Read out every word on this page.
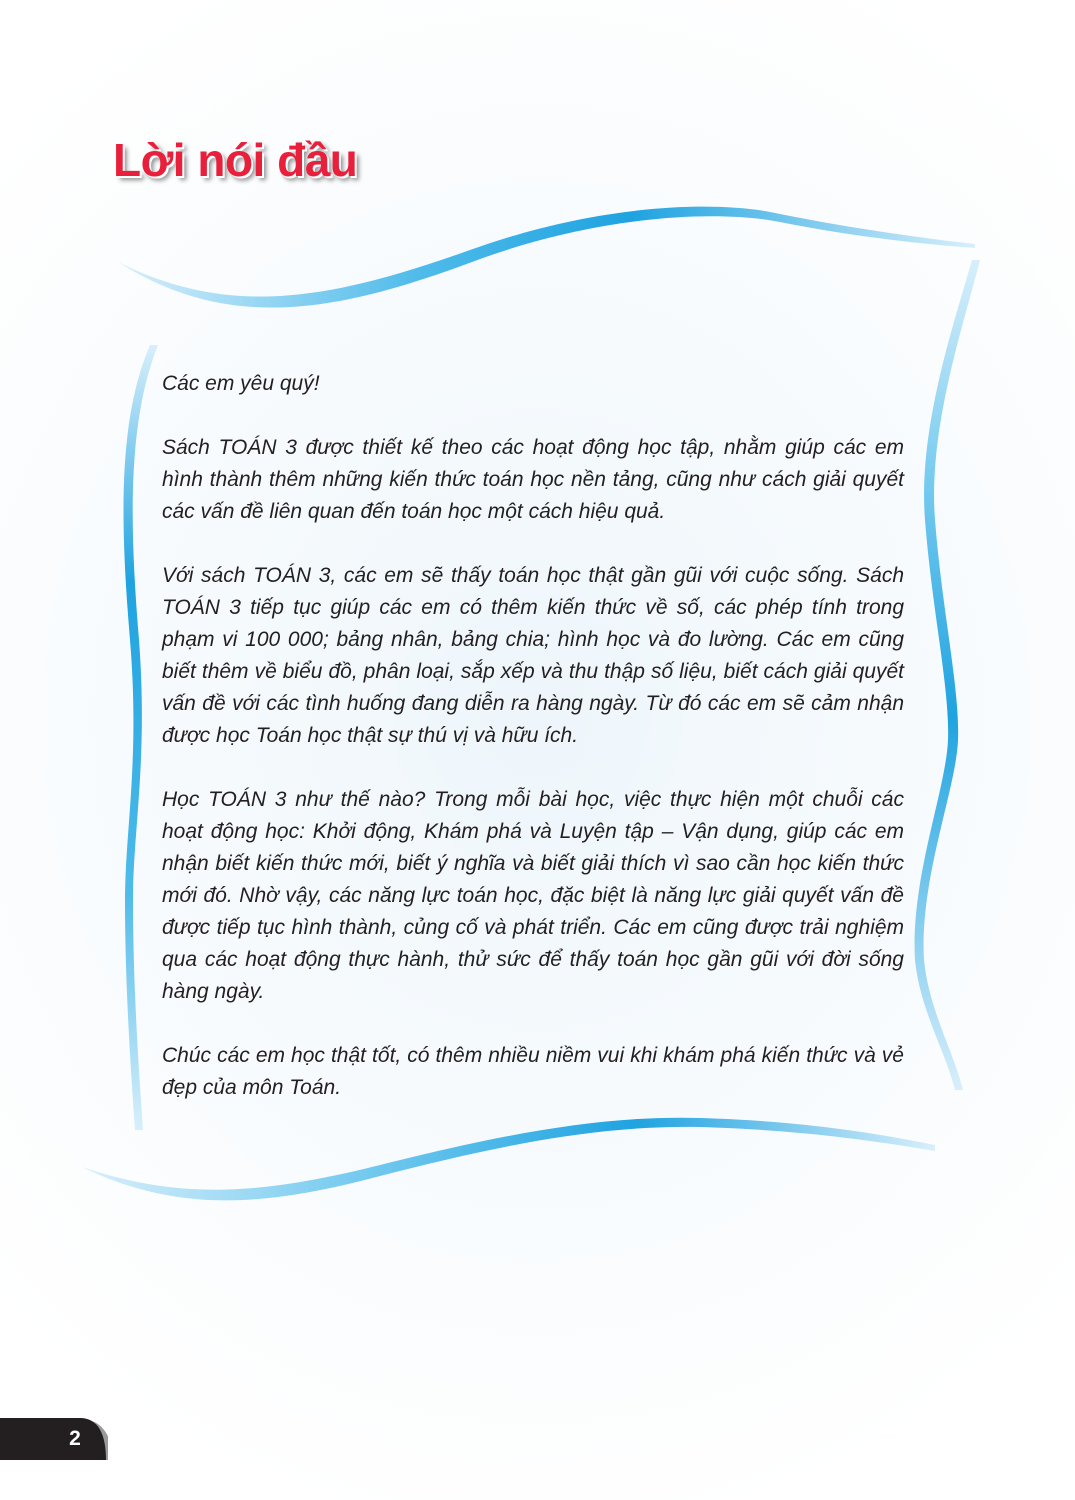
Lời nói đầu

Các em yêu quý!

Sách TOÁN 3 được thiết kế theo các hoạt động học tập, nhằm giúp các em hình thành thêm những kiến thức toán học nền tảng, cũng như cách giải quyết các vấn đề liên quan đến toán học một cách hiệu quả.

Với sách TOÁN 3, các em sẽ thấy toán học thật gần gũi với cuộc sống. Sách TOÁN 3 tiếp tục giúp các em có thêm kiến thức về số, các phép tính trong phạm vi 100 000; bảng nhân, bảng chia; hình học và đo lường. Các em cũng biết thêm về biểu đồ, phân loại, sắp xếp và thu thập số liệu, biết cách giải quyết vấn đề với các tình huống đang diễn ra hàng ngày. Từ đó các em sẽ cảm nhận được học Toán học thật sự thú vị và hữu ích.

Học TOÁN 3 như thế nào? Trong mỗi bài học, việc thực hiện một chuỗi các hoạt động học: Khởi động, Khám phá và Luyện tập – Vận dụng, giúp các em nhận biết kiến thức mới, biết ý nghĩa và biết giải thích vì sao cần học kiến thức mới đó. Nhờ vậy, các năng lực toán học, đặc biệt là năng lực giải quyết vấn đề được tiếp tục hình thành, củng cố và phát triển. Các em cũng được trải nghiệm qua các hoạt động thực hành, thử sức để thấy toán học gần gũi với đời sống hàng ngày.

Chúc các em học thật tốt, có thêm nhiều niềm vui khi khám phá kiến thức và vẻ đẹp của môn Toán.

2
